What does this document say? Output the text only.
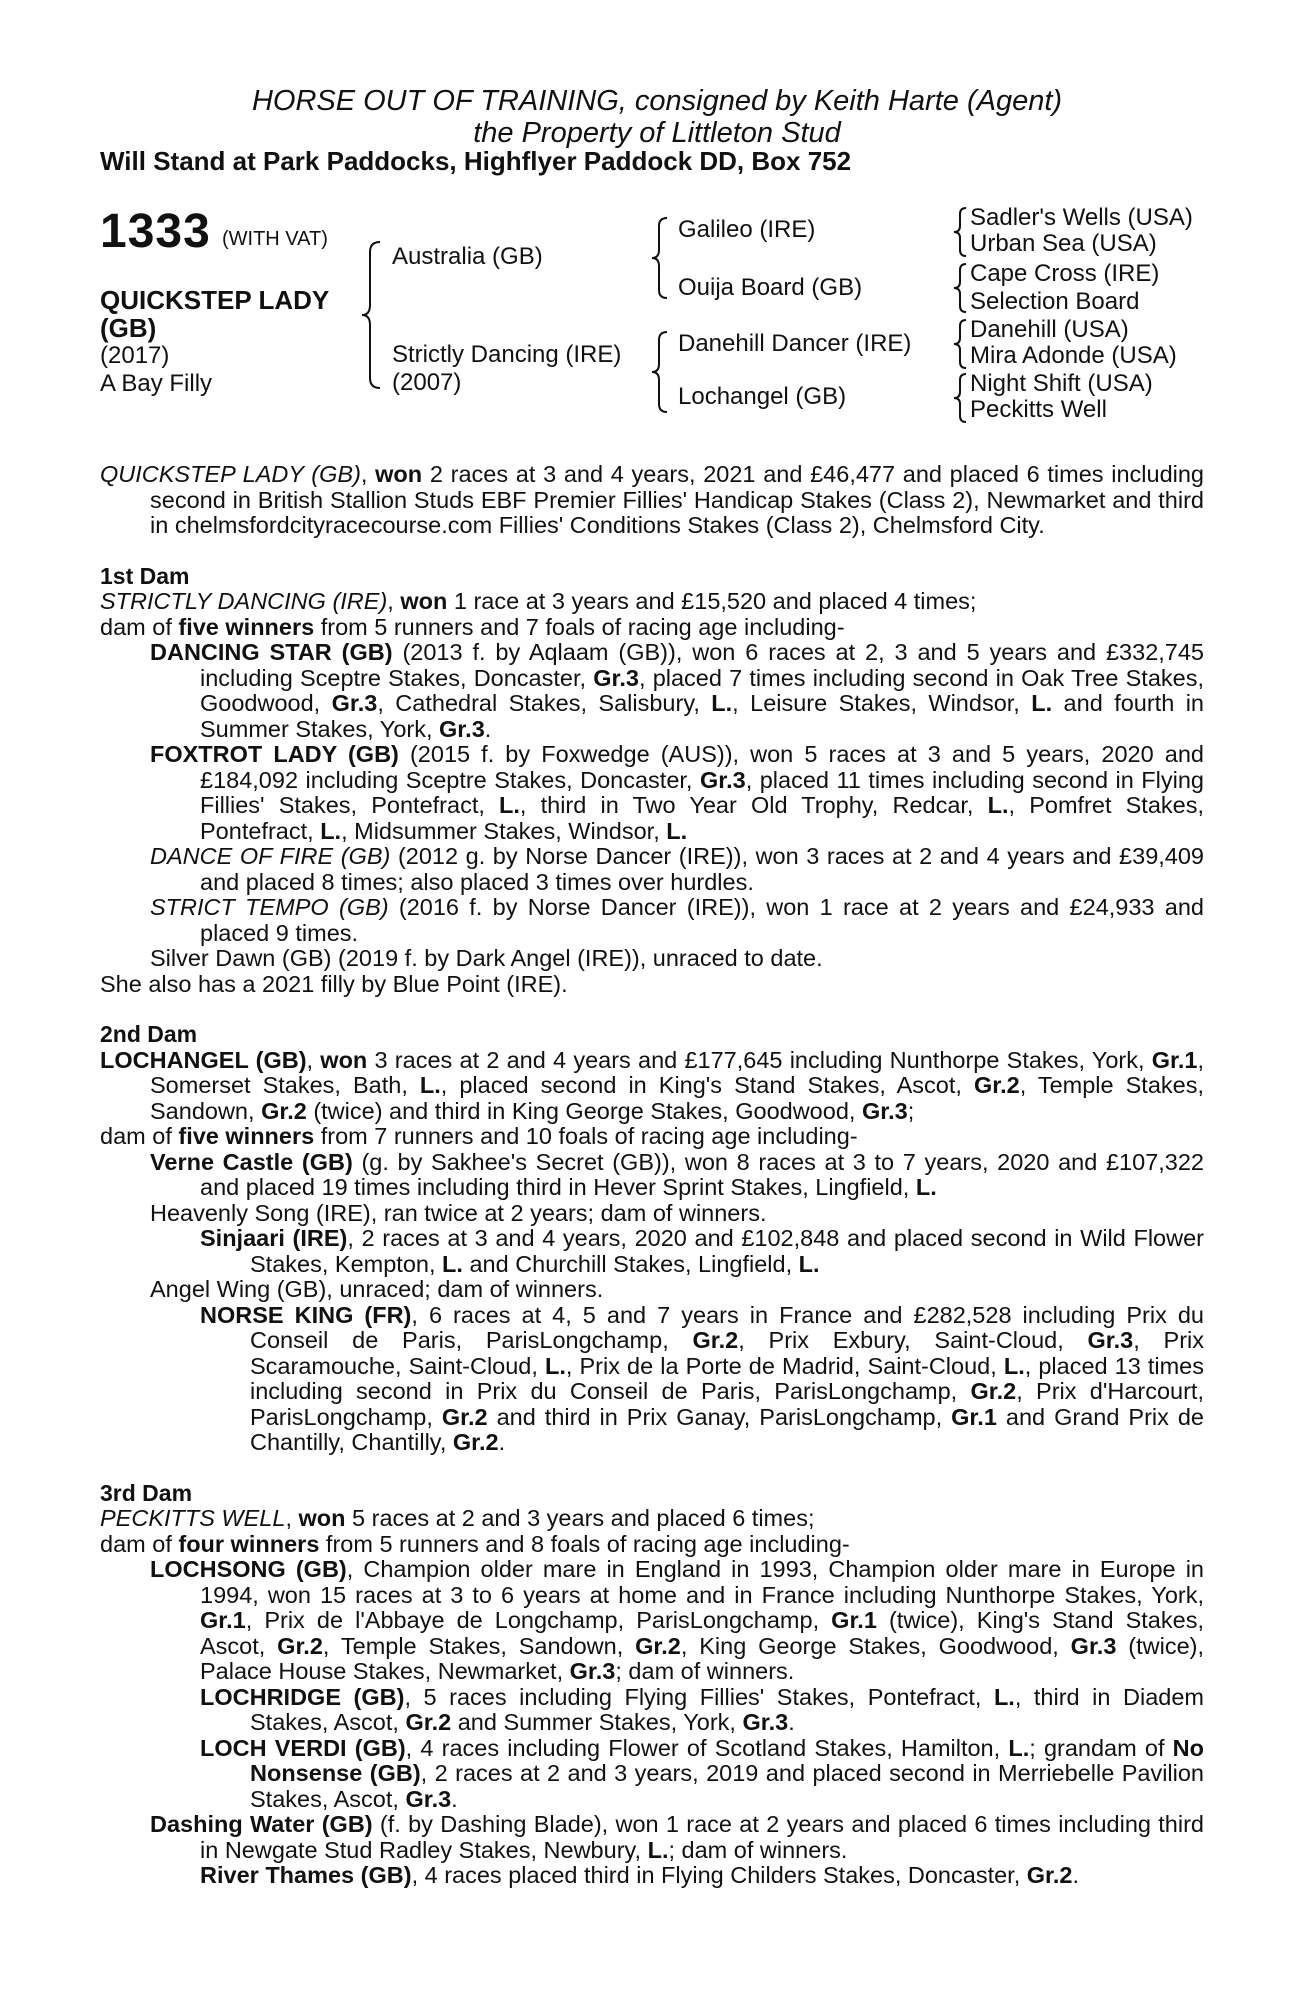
HORSE OUT OF TRAINING, consigned by Keith Harte (Agent)
the Property of Littleton Stud
Will Stand at Park Paddocks, Highflyer Paddock DD, Box 752
1333 (WITH VAT)
QUICKSTEP LADY
(GB)
(2017)
A Bay Filly
Australia (GB)
Strictly Dancing (IRE)
(2007)
Galileo (IRE)
Ouija Board (GB)
Danehill Dancer (IRE)
Lochangel (GB)
Sadler's Wells (USA)
Urban Sea (USA)
Cape Cross (IRE)
Selection Board
Danehill (USA)
Mira Adonde (USA)
Night Shift (USA)
Peckitts Well

QUICKSTEP LADY (GB), won 2 races at 3 and 4 years, 2021 and £46,477 and placed 6 times including second in British Stallion Studs EBF Premier Fillies' Handicap Stakes (Class 2), Newmarket and third in chelmsfordcityracecourse.com Fillies' Conditions Stakes (Class 2), Chelmsford City.

1st Dam

STRICTLY DANCING (IRE), won 1 race at 3 years and £15,520 and placed 4 times;

dam of five winners from 5 runners and 7 foals of racing age including-

DANCING STAR (GB) (2013 f. by Aqlaam (GB)), won 6 races at 2, 3 and 5 years and £332,745 including Sceptre Stakes, Doncaster, Gr.3, placed 7 times including second in Oak Tree Stakes, Goodwood, Gr.3, Cathedral Stakes, Salisbury, L., Leisure Stakes, Windsor, L. and fourth in Summer Stakes, York, Gr.3.

FOXTROT LADY (GB) (2015 f. by Foxwedge (AUS)), won 5 races at 3 and 5 years, 2020 and £184,092 including Sceptre Stakes, Doncaster, Gr.3, placed 11 times including second in Flying Fillies' Stakes, Pontefract, L., third in Two Year Old Trophy, Redcar, L., Pomfret Stakes, Pontefract, L., Midsummer Stakes, Windsor, L.

DANCE OF FIRE (GB) (2012 g. by Norse Dancer (IRE)), won 3 races at 2 and 4 years and £39,409 and placed 8 times; also placed 3 times over hurdles.

STRICT TEMPO (GB) (2016 f. by Norse Dancer (IRE)), won 1 race at 2 years and £24,933 and placed 9 times.

Silver Dawn (GB) (2019 f. by Dark Angel (IRE)), unraced to date.

She also has a 2021 filly by Blue Point (IRE).

2nd Dam

LOCHANGEL (GB), won 3 races at 2 and 4 years and £177,645 including Nunthorpe Stakes, York, Gr.1, Somerset Stakes, Bath, L., placed second in King's Stand Stakes, Ascot, Gr.2, Temple Stakes, Sandown, Gr.2 (twice) and third in King George Stakes, Goodwood, Gr.3;

dam of five winners from 7 runners and 10 foals of racing age including-

Verne Castle (GB) (g. by Sakhee's Secret (GB)), won 8 races at 3 to 7 years, 2020 and £107,322 and placed 19 times including third in Hever Sprint Stakes, Lingfield, L.

Heavenly Song (IRE), ran twice at 2 years; dam of winners.

Sinjaari (IRE), 2 races at 3 and 4 years, 2020 and £102,848 and placed second in Wild Flower Stakes, Kempton, L. and Churchill Stakes, Lingfield, L.

Angel Wing (GB), unraced; dam of winners.

NORSE KING (FR), 6 races at 4, 5 and 7 years in France and £282,528 including Prix du Conseil de Paris, ParisLongchamp, Gr.2, Prix Exbury, Saint-Cloud, Gr.3, Prix Scaramouche, Saint-Cloud, L., Prix de la Porte de Madrid, Saint-Cloud, L., placed 13 times including second in Prix du Conseil de Paris, ParisLongchamp, Gr.2, Prix d'Harcourt, ParisLongchamp, Gr.2 and third in Prix Ganay, ParisLongchamp, Gr.1 and Grand Prix de Chantilly, Chantilly, Gr.2.

3rd Dam

PECKITTS WELL, won 5 races at 2 and 3 years and placed 6 times;

dam of four winners from 5 runners and 8 foals of racing age including-

LOCHSONG (GB), Champion older mare in England in 1993, Champion older mare in Europe in 1994, won 15 races at 3 to 6 years at home and in France including Nunthorpe Stakes, York, Gr.1, Prix de l'Abbaye de Longchamp, ParisLongchamp, Gr.1 (twice), King's Stand Stakes, Ascot, Gr.2, Temple Stakes, Sandown, Gr.2, King George Stakes, Goodwood, Gr.3 (twice), Palace House Stakes, Newmarket, Gr.3; dam of winners.

LOCHRIDGE (GB), 5 races including Flying Fillies' Stakes, Pontefract, L., third in Diadem Stakes, Ascot, Gr.2 and Summer Stakes, York, Gr.3.

LOCH VERDI (GB), 4 races including Flower of Scotland Stakes, Hamilton, L.; grandam of No Nonsense (GB), 2 races at 2 and 3 years, 2019 and placed second in Merriebelle Pavilion Stakes, Ascot, Gr.3.

Dashing Water (GB) (f. by Dashing Blade), won 1 race at 2 years and placed 6 times including third in Newgate Stud Radley Stakes, Newbury, L.; dam of winners.

River Thames (GB), 4 races placed third in Flying Childers Stakes, Doncaster, Gr.2.
